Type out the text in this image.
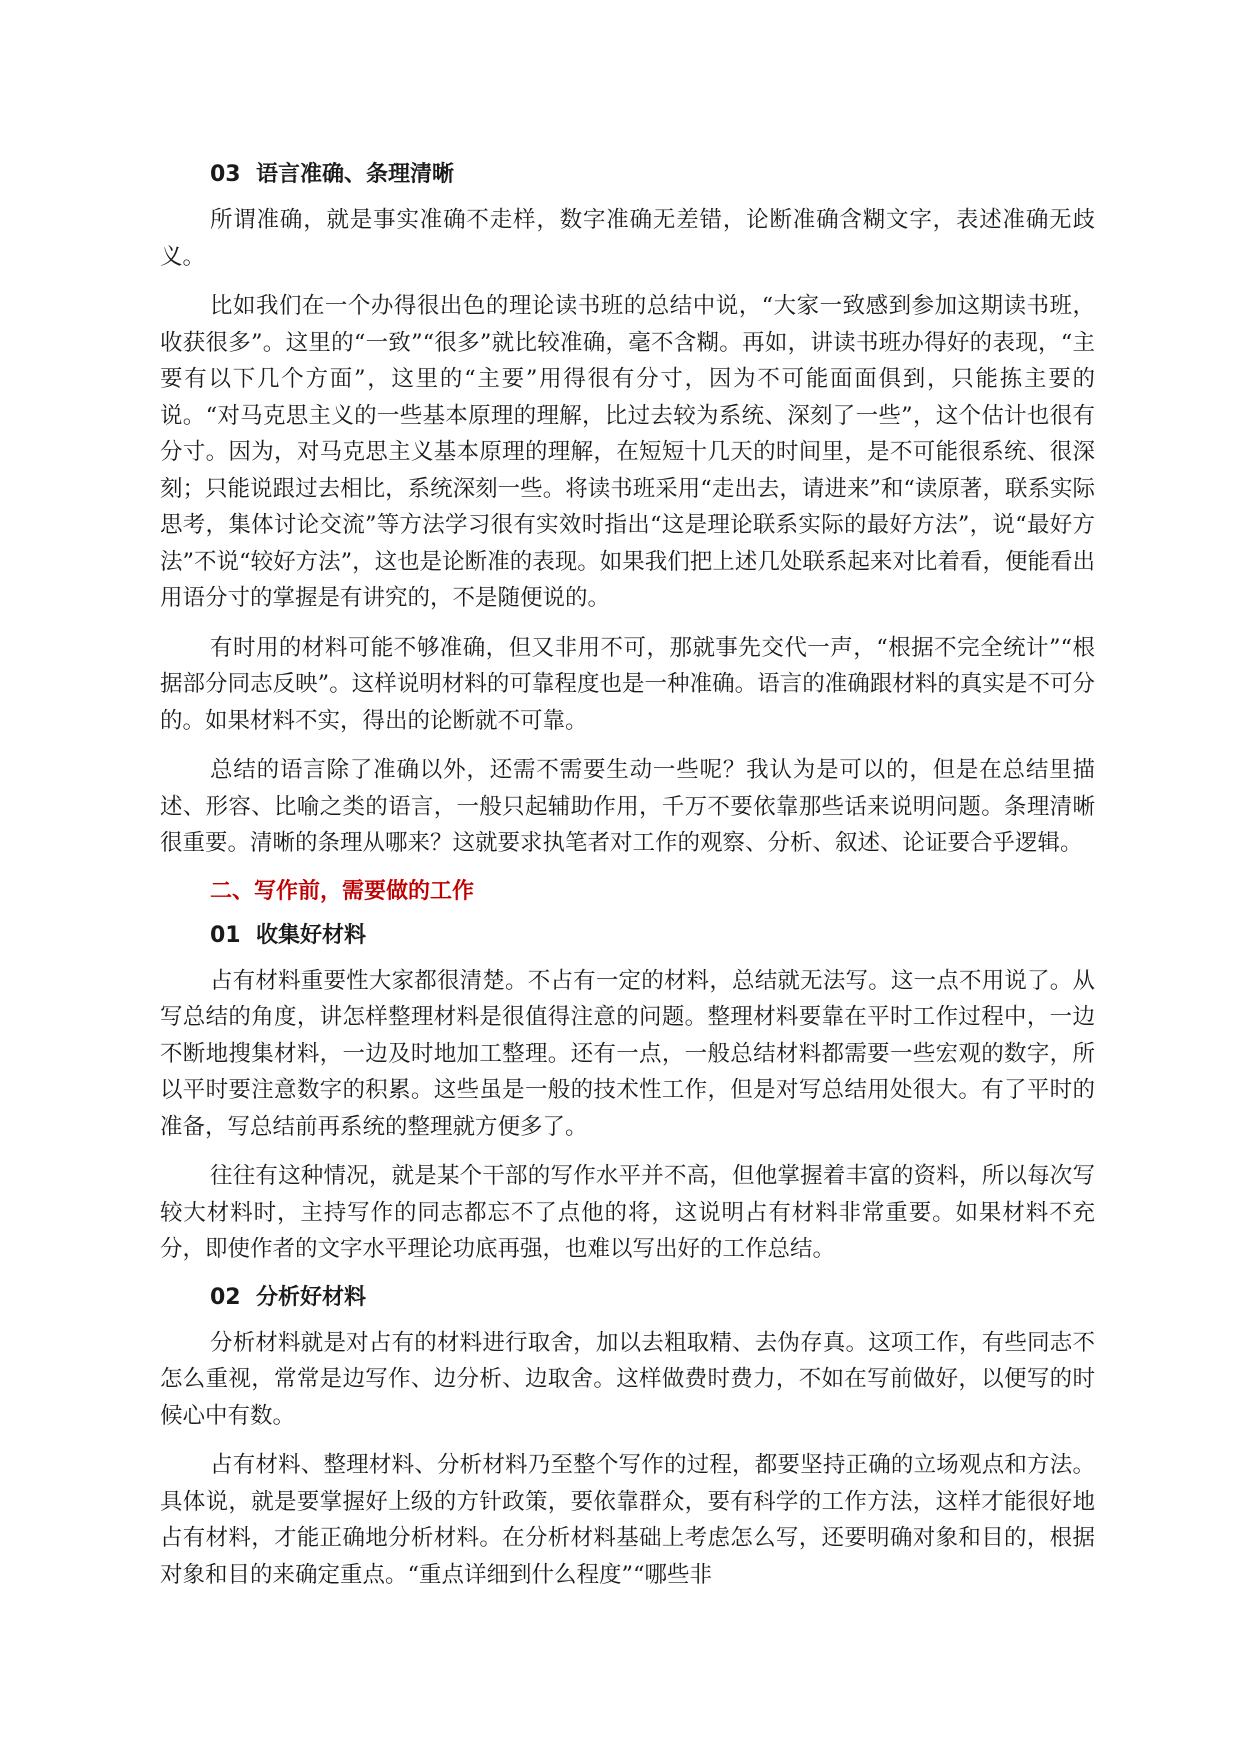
03 语言准确、条理清晰

所谓准确，就是事实准确不走样，数字准确无差错，论断准确含糊文字，表述准确无歧义。

比如我们在一个办得很出色的理论读书班的总结中说，“大家一致感到参加这期读书班，收获很多”。这里的“一致”“很多”就比较准确，毫不含糊。再如，讲读书班办得好的表现，“主要有以下几个方面”，这里的“主要”用得很有分寸，因为不可能面面俱到，只能拣主要的说。“对马克思主义的一些基本原理的理解，比过去较为系统、深刻了一些”，这个估计也很有分寸。因为，对马克思主义基本原理的理解，在短短十几天的时间里，是不可能很系统、很深刻；只能说跟过去相比，系统深刻一些。将读书班采用“走出去，请进来”和“读原著，联系实际思考，集体讨论交流”等方法学习很有实效时指出“这是理论联系实际的最好方法”，说“最好方法”不说“较好方法”，这也是论断准的表现。如果我们把上述几处联系起来对比着看，便能看出用语分寸的掌握是有讲究的，不是随便说的。

有时用的材料可能不够准确，但又非用不可，那就事先交代一声，“根据不完全统计”“根据部分同志反映”。这样说明材料的可靠程度也是一种准确。语言的准确跟材料的真实是不可分的。如果材料不实，得出的论断就不可靠。

总结的语言除了准确以外，还需不需要生动一些呢？我认为是可以的，但是在总结里描述、形容、比喻之类的语言，一般只起辅助作用，千万不要依靠那些话来说明问题。条理清晰很重要。清晰的条理从哪来？这就要求执笔者对工作的观察、分析、叙述、论证要合乎逻辑。

二、写作前，需要做的工作
01 收集好材料

占有材料重要性大家都很清楚。不占有一定的材料，总结就无法写。这一点不用说了。从写总结的角度，讲怎样整理材料是很值得注意的问题。整理材料要靠在平时工作过程中，一边不断地搜集材料，一边及时地加工整理。还有一点，一般总结材料都需要一些宏观的数字，所以平时要注意数字的积累。这些虽是一般的技术性工作，但是对写总结用处很大。有了平时的准备，写总结前再系统的整理就方便多了。

往往有这种情况，就是某个干部的写作水平并不高，但他掌握着丰富的资料，所以每次写较大材料时，主持写作的同志都忘不了点他的将，这说明占有材料非常重要。如果材料不充分，即使作者的文字水平理论功底再强，也难以写出好的工作总结。

02 分析好材料

分析材料就是对占有的材料进行取舍，加以去粗取精、去伪存真。这项工作，有些同志不怎么重视，常常是边写作、边分析、边取舍。这样做费时费力，不如在写前做好，以便写的时候心中有数。

占有材料、整理材料、分析材料乃至整个写作的过程，都要坚持正确的立场观点和方法。具体说，就是要掌握好上级的方针政策，要依靠群众，要有科学的工作方法，这样才能很好地占有材料，才能正确地分析材料。在分析材料基础上考虑怎么写，还要明确对象和目的，根据对象和目的来确定重点。“重点详细到什么程度”“哪些非
